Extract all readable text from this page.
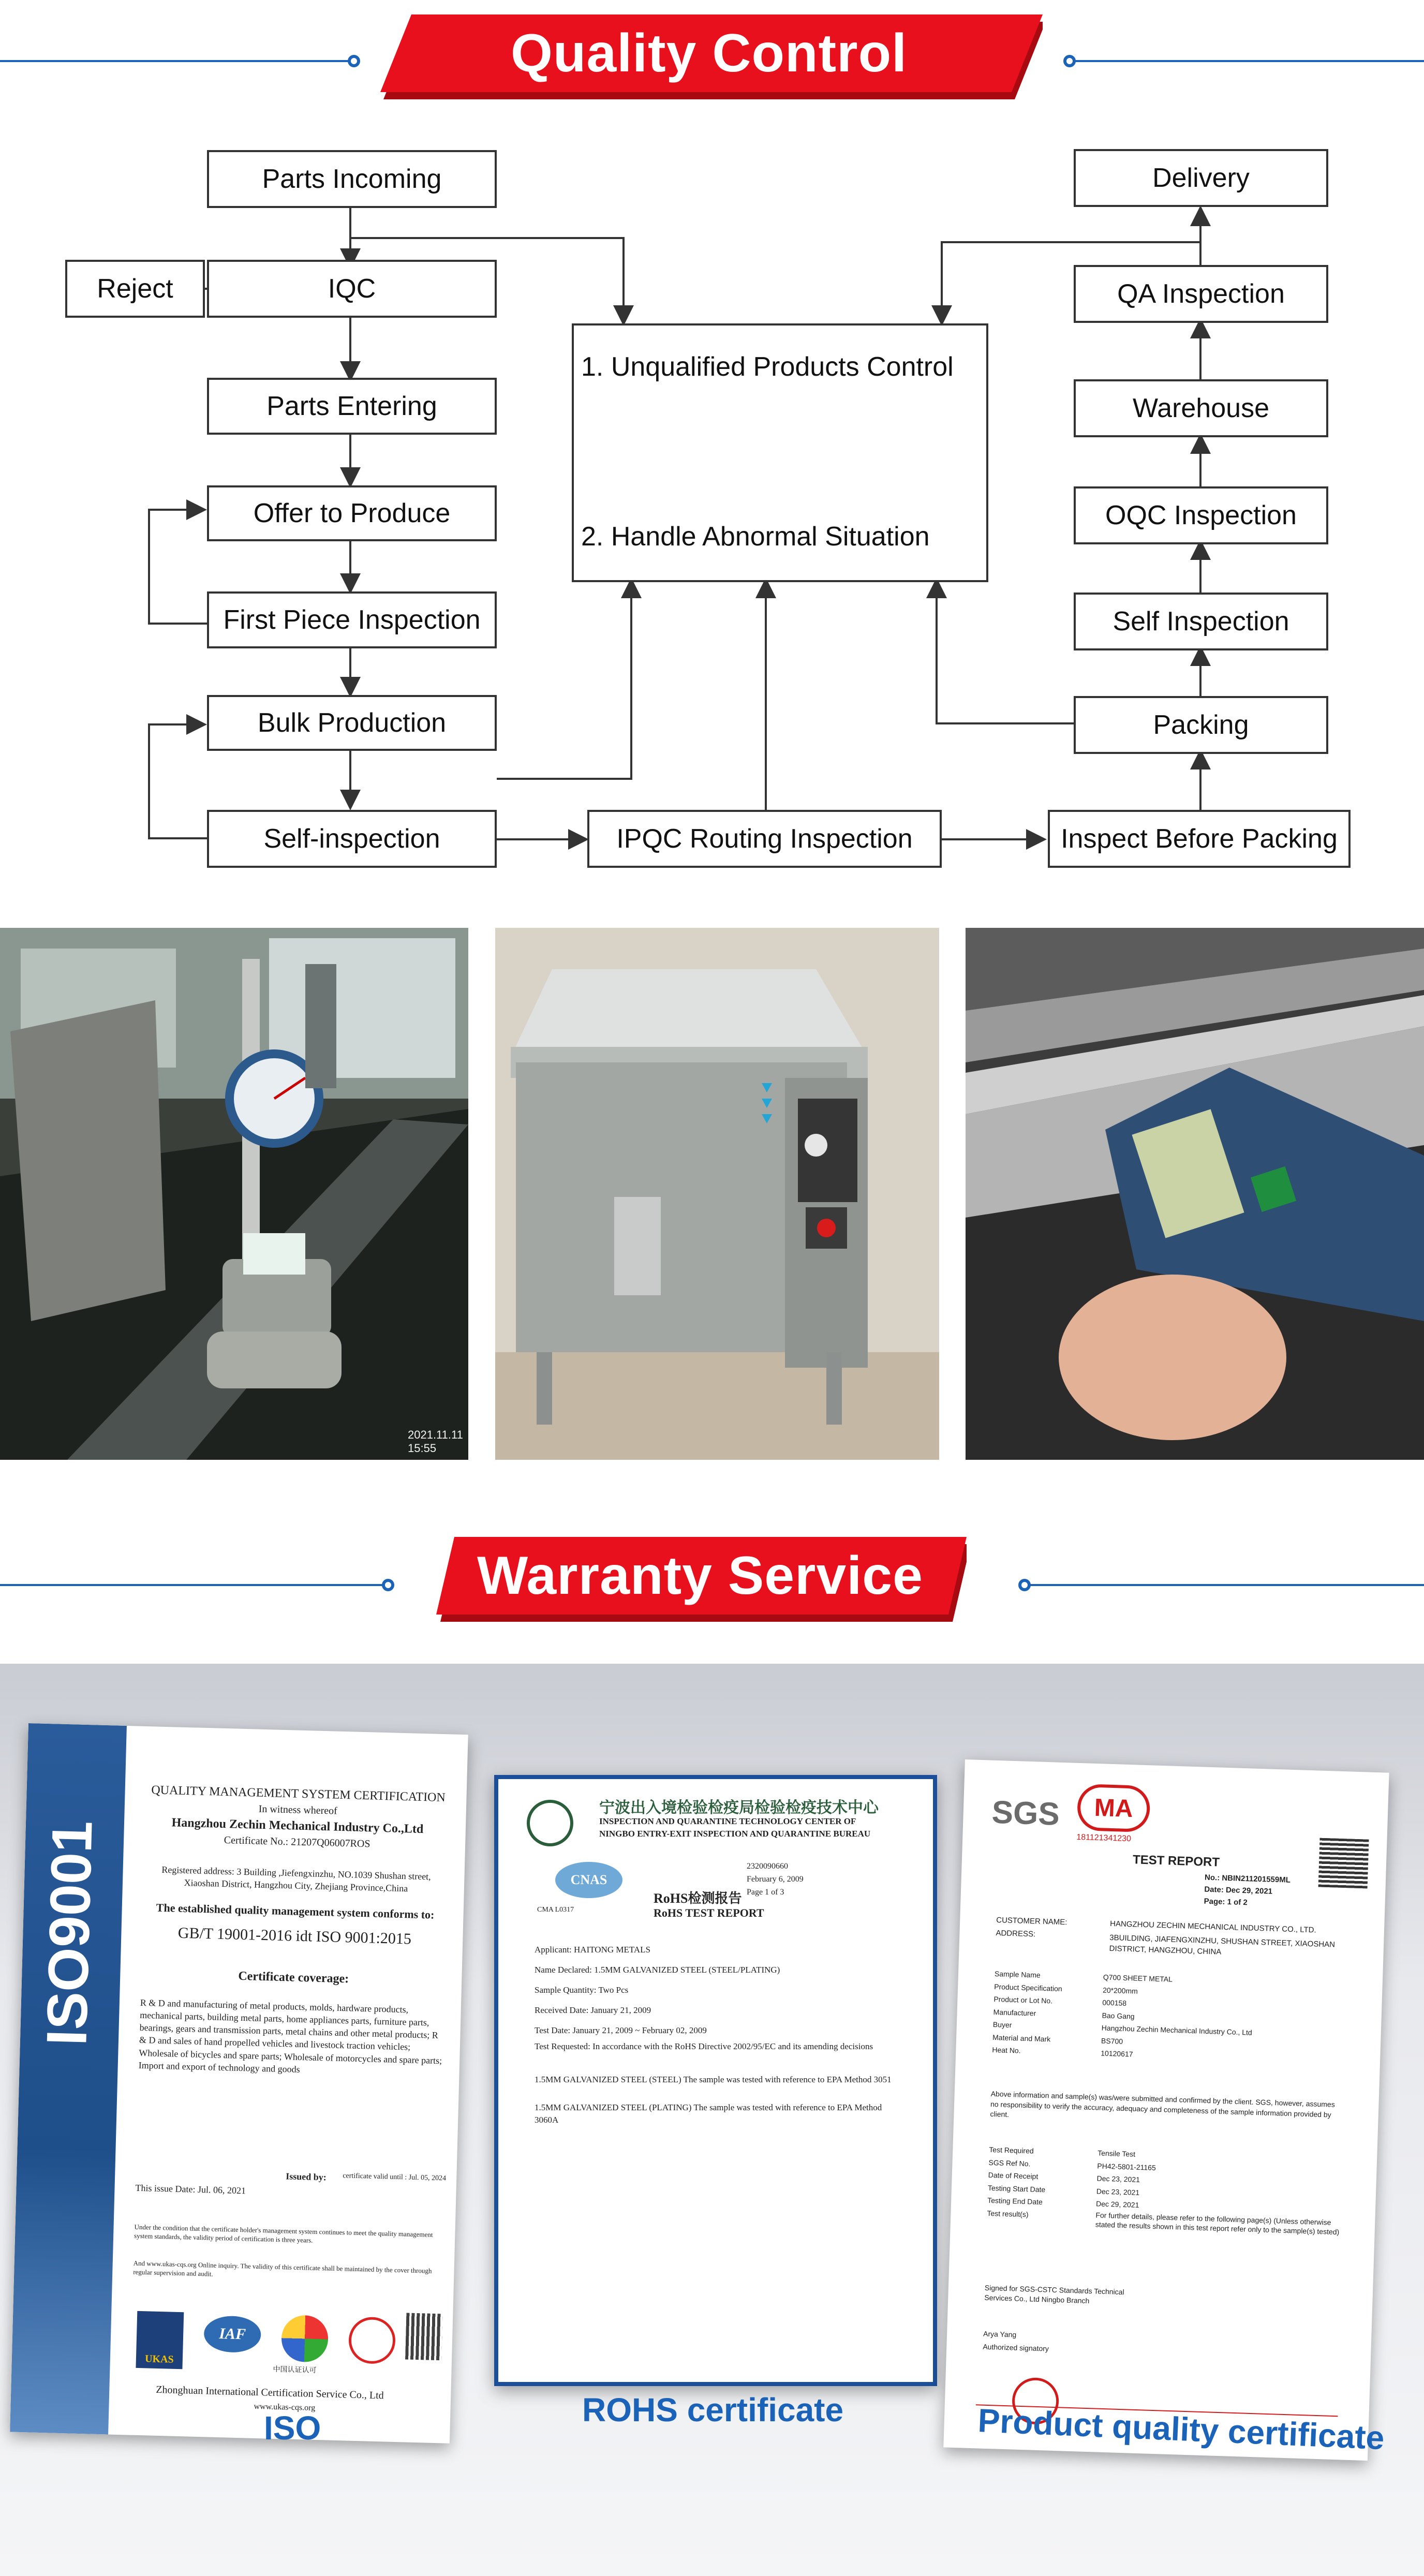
Quality Control
Parts Incoming
Reject	IQC
Parts Entering
Offer to Produce
First Piece Inspection
Bulk Production
Self-inspection
1. Unqualified Products Control
2. Handle Abnormal Situation
IPQC Routing Inspection
Delivery
QA Inspection
Warehouse
OQC Inspection
Self Inspection
Packing
Inspect Before Packing
2021.11.11 15:55
Warranty Service
ISO9001
QUALITY MANAGEMENT SYSTEM CERTIFICATION
In witness whereof
Hangzhou Zechin Mechanical Industry Co.,Ltd
Certificate No.: 21207Q06007ROS
Registered address: 3 Building ,Jiefengxinzhu, NO.1039 Shushan street, Xiaoshan District, Hangzhou City, Zhejiang Province,China
The established quality management system conforms to:
GB/T 19001-2016 idt ISO 9001:2015
Certificate coverage:
R & D and manufacturing of metal products, molds, hardware products, mechanical parts, building metal parts, home appliances parts, furniture parts, bearings, gears and transmission parts, metal chains and other metal products; R & D and sales of hand propelled vehicles and livestock traction vehicles; Wholesale of bicycles and spare parts; Wholesale of motorcycles and spare parts; Import and export of technology and goods
This issue Date: Jul. 06, 2021
Issued by: certificate valid until : Jul. 05, 2024
Under the condition that the certificate holder's management system continues to meet the quality management system standards, the validity period of certification is three years.
And www.ukas-cqs.org Online inquiry. The validity of this certificate shall be maintained by the cover through regular supervision and audit.
UKAS
IAF
中国认证认可
Zhonghuan International Certification Service Co., Ltd
www.ukas-cqs.org
宁波出入境检验检疫局检验检疫技术中心
INSPECTION AND QUARANTINE TECHNOLOGY CENTER OF
NINGBO ENTRY-EXIT INSPECTION AND QUARANTINE BUREAU
2320090660
February 6, 2009
Page 1 of 3
CNAS
CMA L0317
RoHS检测报告
RoHS TEST REPORT
Applicant: HAITONG METALS
Name Declared: 1.5MM GALVANIZED STEEL (STEEL/PLATING)
Sample Quantity: Two Pcs
Received Date: January 21, 2009
Test Date: January 21, 2009 ~ February 02, 2009
Test Requested: In accordance with the RoHS Directive 2002/95/EC and its amending decisions
1.5MM GALVANIZED STEEL (STEEL) The sample was tested with reference to EPA Method 3051
1.5MM GALVANIZED STEEL (PLATING) The sample was tested with reference to EPA Method 3060A
SGS	MA
181121341230
TEST REPORT
No.: NBIN211201559ML
Date: Dec 29, 2021
Page: 1 of 2
CUSTOMER NAME:	HANGZHOU ZECHIN MECHANICAL INDUSTRY CO., LTD.
ADDRESS:	3BUILDING, JIAFENGXINZHU, SHUSHAN STREET, XIAOSHAN DISTRICT, HANGZHOU, CHINA
Sample Name	Q700 SHEET METAL
Product Specification	20*200mm
Product or Lot No.	000158
Manufacturer	Bao Gang
Buyer	Hangzhou Zechin Mechanical Industry Co., Ltd
Material and Mark	BS700
Heat No.	10120617
Above information and sample(s) was/were submitted and confirmed by the client. SGS, however, assumes no responsibility to verify the accuracy, adequacy and completeness of the sample information provided by client.
Test Required	Tensile Test
SGS Ref No.	PH42-5801-21165
Date of Receipt	Dec 23, 2021
Testing Start Date	Dec 23, 2021
Testing End Date	Dec 29, 2021
Test result(s)	For further details, please refer to the following page(s) (Unless otherwise stated the results shown in this test report refer only to the sample(s) tested)
Signed for SGS-CSTC Standards Technical Services Co., Ltd Ningbo Branch
Arya Yang
Authorized signatory
ISO	ROHS certificate	Product quality certificate
